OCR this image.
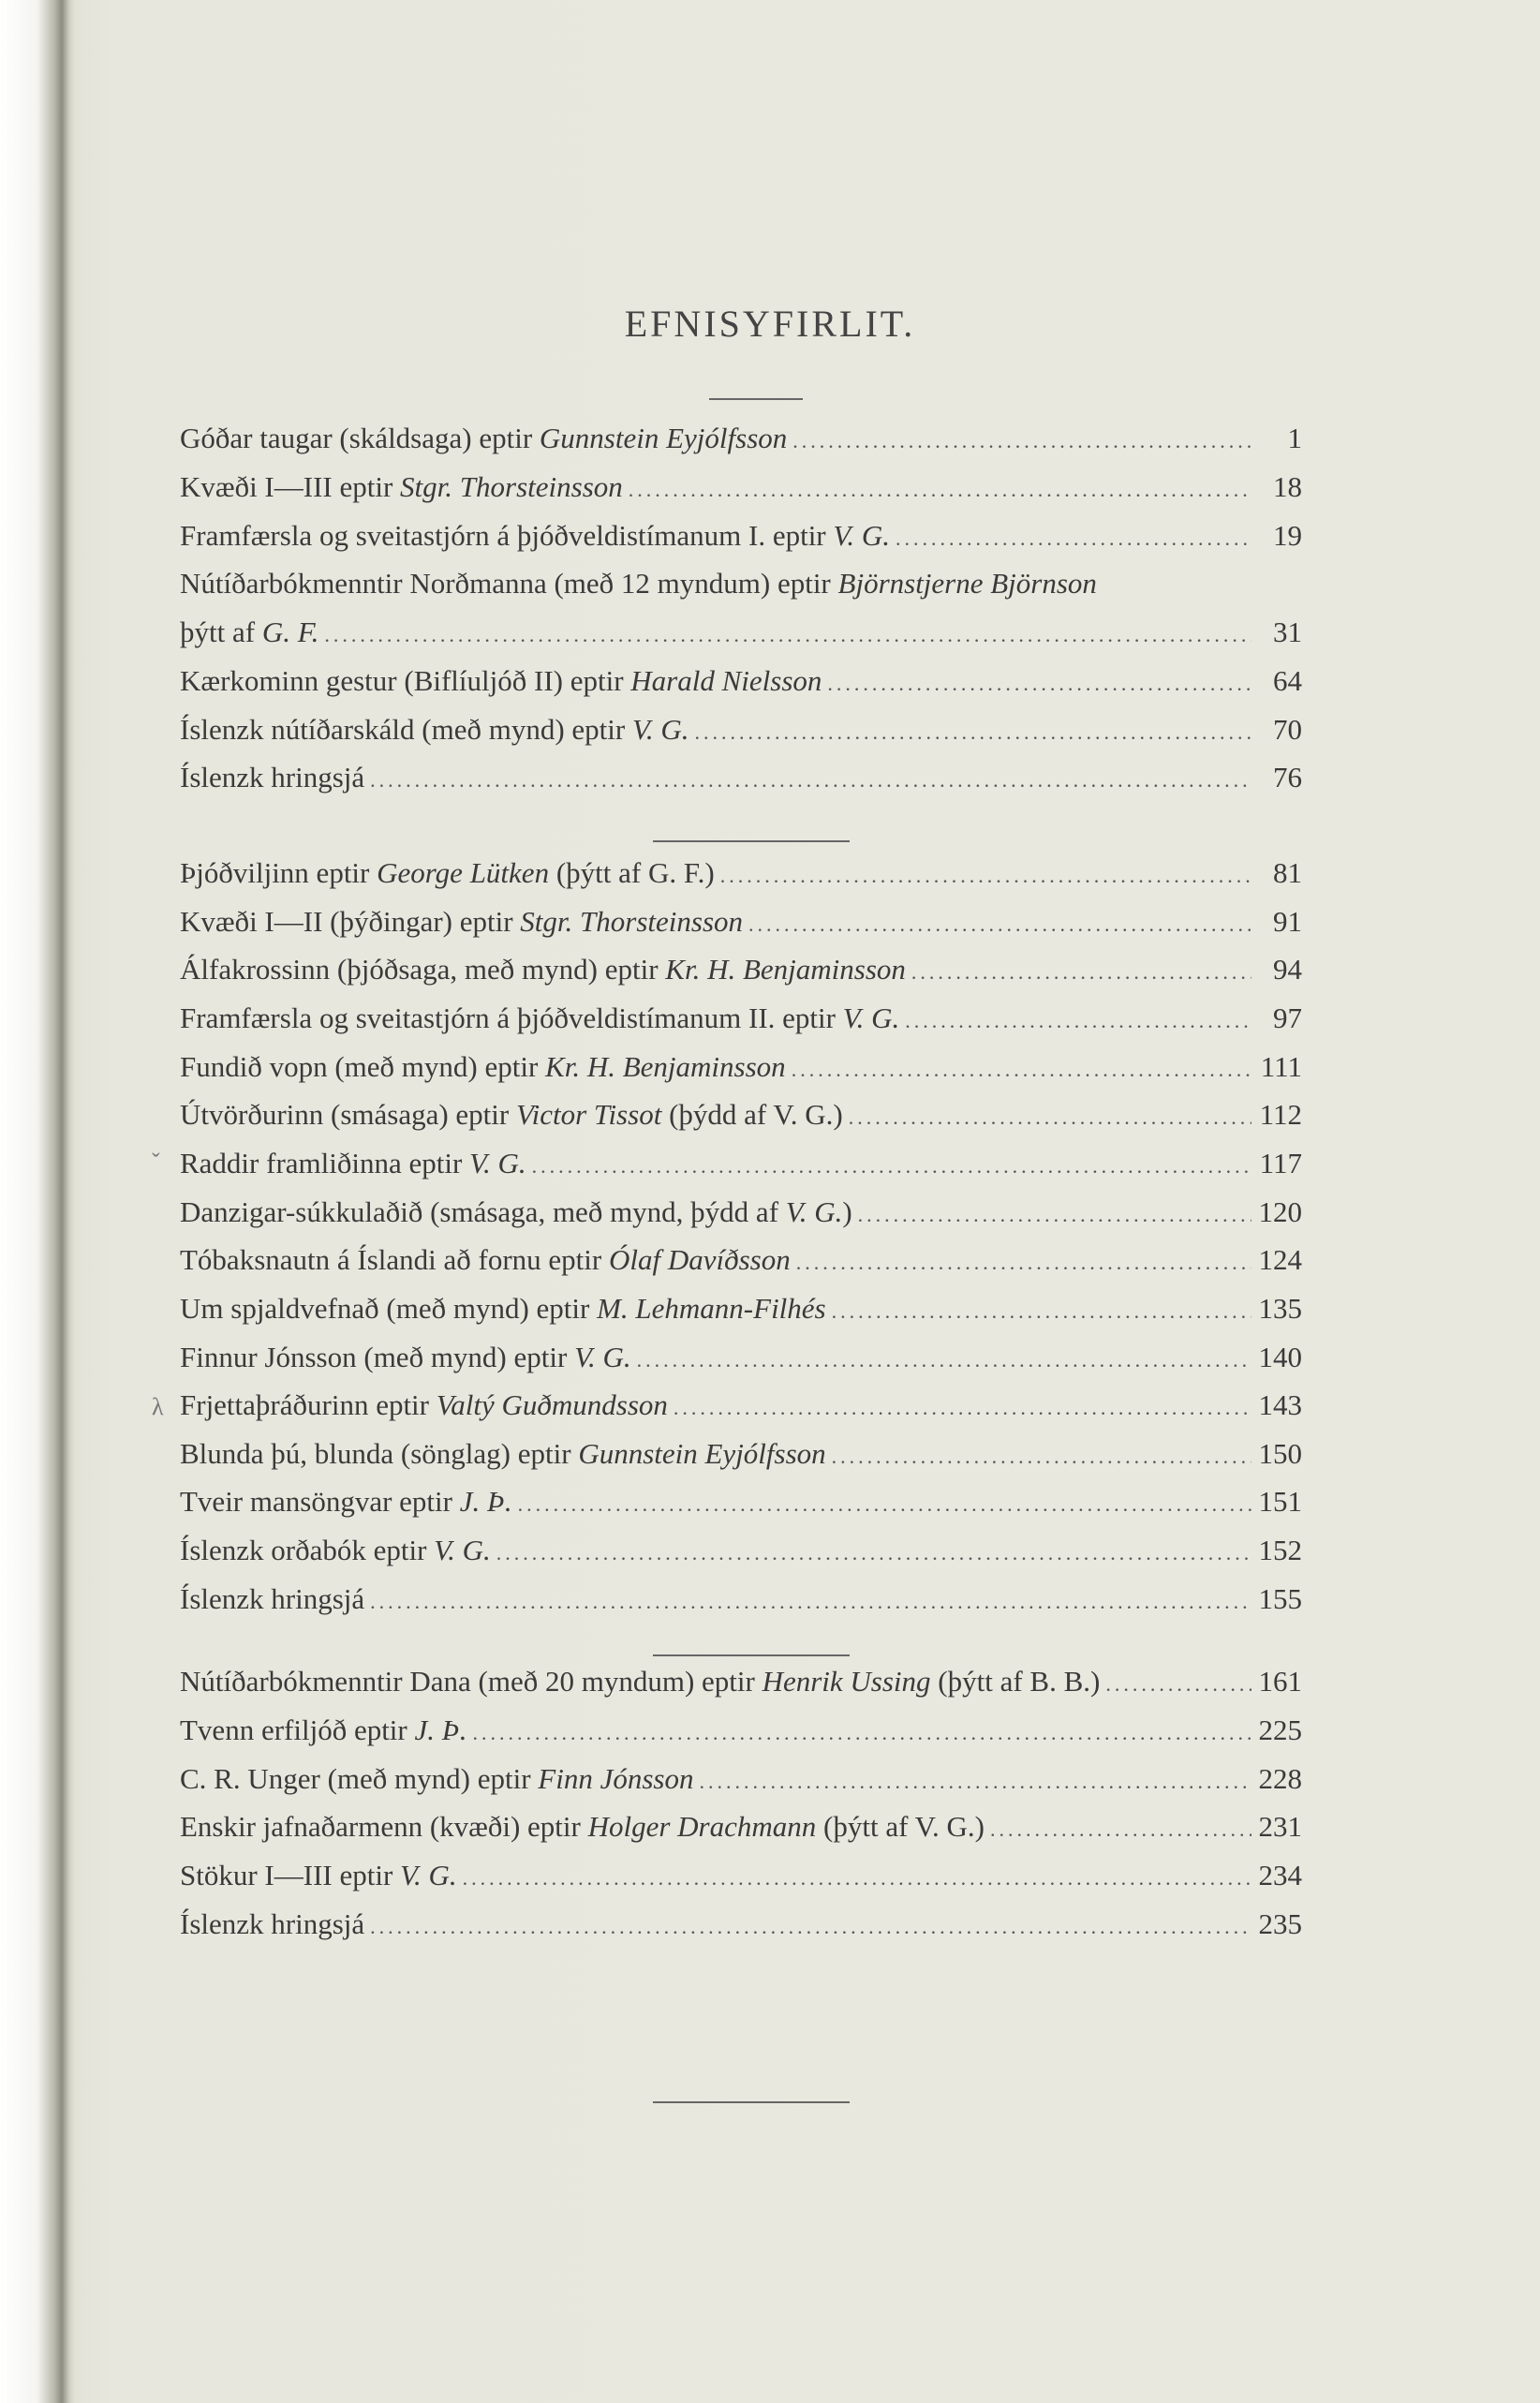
EFNISYFIRLIT.
Góðar taugar (skáldsaga) eptir Gunnstein Eyjólfsson .....	1
Kvæði I—III eptir Stgr. Thorsteinsson .....	18
Framfærsla og sveitastjórn á þjóðveldistímanum I. eptir V. G. .....	19
Nútíðarbókmenntir Norðmanna (með 12 myndum) eptir Björnstjerne Björnson
þýtt af G. F. .....	31
Kærkominn gestur (Biflíuljóð II) eptir Harald Nielsson .....	64
Íslenzk nútíðarskáld (með mynd) eptir V. G. .....	70
Íslenzk hringsjá .....	76
Þjóðviljinn eptir George Lütken (þýtt af G. F.) .....	81
Kvæði I—II (þýðingar) eptir Stgr. Thorsteinsson .....	91
Álfakrossinn (þjóðsaga, með mynd) eptir Kr. H. Benjaminsson .....	94
Framfærsla og sveitastjórn á þjóðveldistímanum II. eptir V. G. .....	97
Fundið vopn (með mynd) eptir Kr. H. Benjaminsson .....	111
Útvörðurinn (smásaga) eptir Victor Tissot (þýdd af V. G.) .....	112
Raddir framliðinna eptir V. G. .....	117
Danzigar-súkkulaðið (smásaga, með mynd, þýdd af V. G.) .....	120
Tóbaksnautn á Íslandi að fornu eptir Ólaf Davíðsson .....	124
Um spjaldvefnað (með mynd) eptir M. Lehmann-Filhés .....	135
Finnur Jónsson (með mynd) eptir V. G. .....	140
Frjettaþráðurinn eptir Valtý Guðmundsson .....	143
Blunda þú, blunda (sönglag) eptir Gunnstein Eyjólfsson .....	150
Tveir mansöngvar eptir J. Þ. .....	151
Íslenzk orðabók eptir V. G. .....	152
Íslenzk hringsjá .....	155
Nútíðarbókmenntir Dana (með 20 myndum) eptir Henrik Ussing (þýtt af B. B.) .....	161
Tvenn erfiljóð eptir J. Þ. .....	225
C. R. Unger (með mynd) eptir Finn Jónsson .....	228
Enskir jafnaðarmenn (kvæði) eptir Holger Drachmann (þýtt af V. G.) .....	231
Stökur I—III eptir V. G. .....	234
Íslenzk hringsjá .....	235
ˇ
λ
